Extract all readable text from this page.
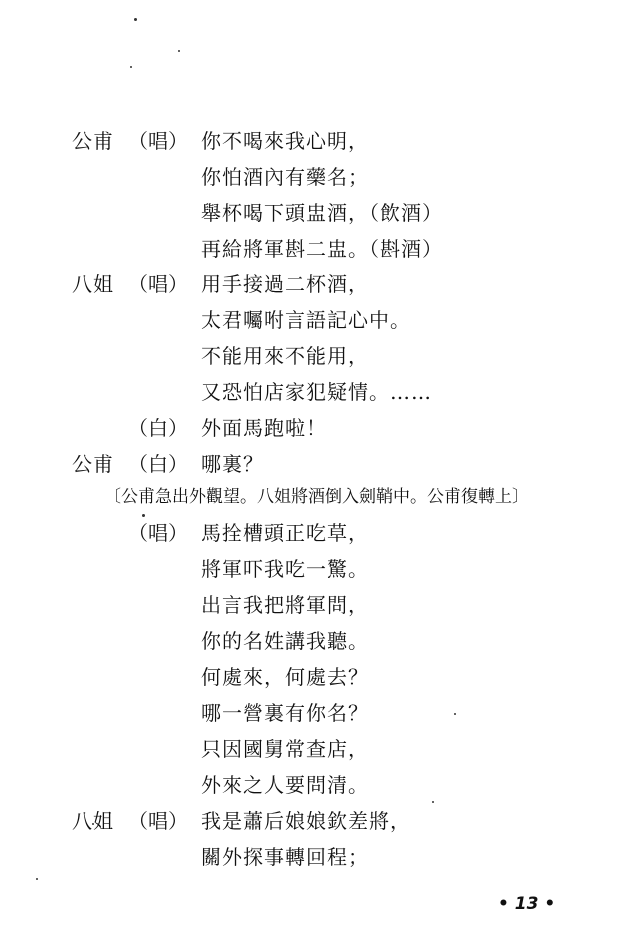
公甫 （唱） 你不喝來我心明，
你怕酒內有藥名；
舉杯喝下頭盅酒，（飲酒）
再給將軍斟二盅。（斟酒）
八姐 （唱） 用手接過二杯酒，
太君囑咐言語記心中。
不能用來不能用，
又恐怕店家犯疑情。……
（白） 外面馬跑啦！
公甫 （白） 哪裏？
〔公甫急出外觀望。八姐將酒倒入劍鞘中。公甫復轉上〕
（唱） 馬拴槽頭正吃草，
將軍吓我吃一驚。
出言我把將軍問，
你的名姓講我聽。
何處來，何處去？
哪一營裏有你名？
只因國舅常查店，
外來之人要問清。
八姐 （唱） 我是蕭后娘娘欽差將，
關外探事轉回程；
• 13 •
